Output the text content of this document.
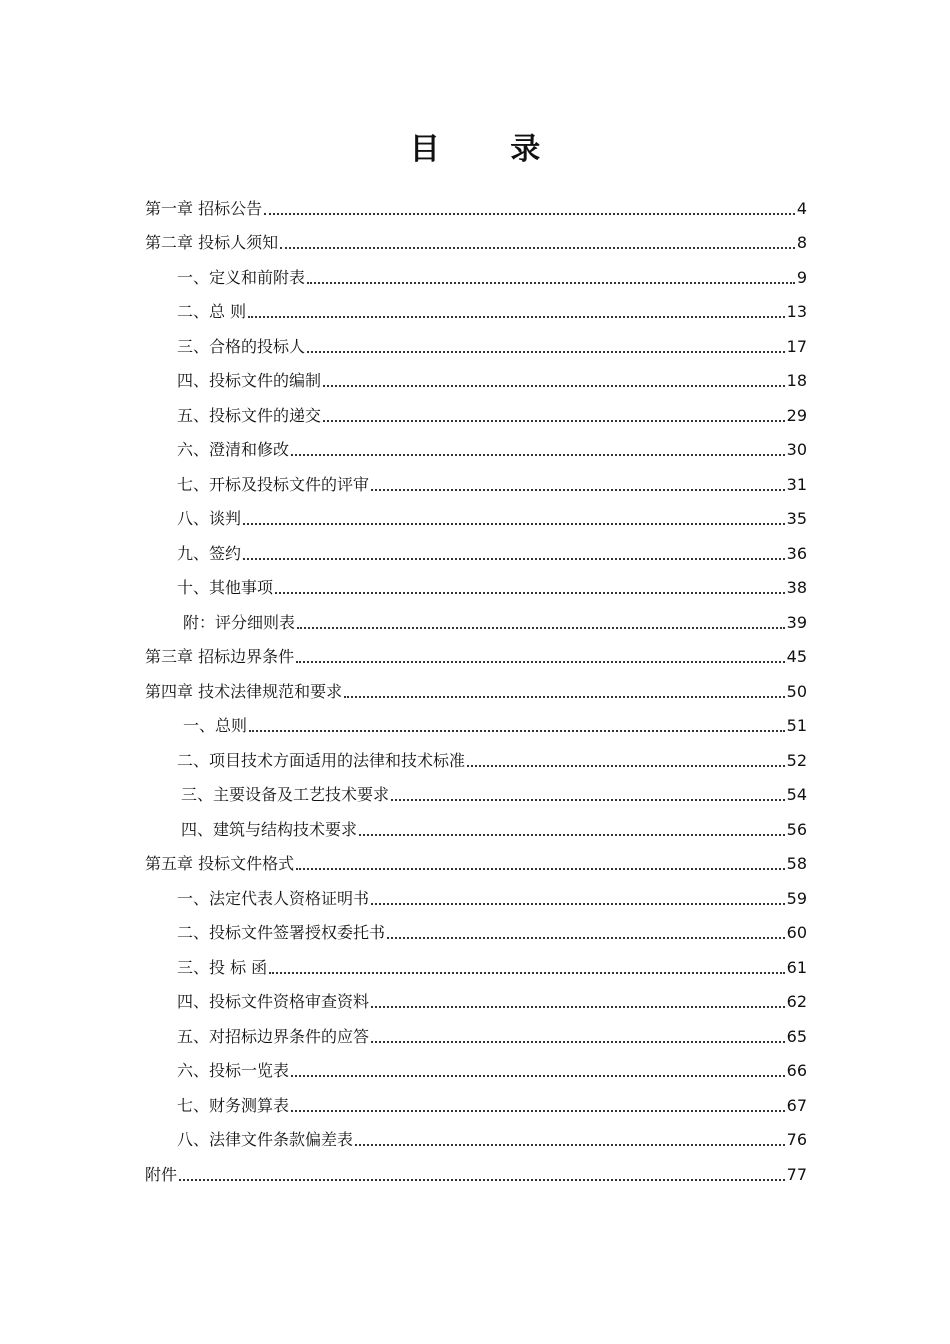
目 录
第一章 招标公告	4
第二章 投标人须知	8
一、定义和前附表	9
二、总 则	13
三、合格的投标人	17
四、投标文件的编制	18
五、投标文件的递交	29
六、澄清和修改	30
七、开标及投标文件的评审	31
八、谈判	35
九、签约	36
十、其他事项	38
附：评分细则表	39
第三章 招标边界条件	45
第四章 技术法律规范和要求	50
一、总则	51
二、项目技术方面适用的法律和技术标准	52
三、主要设备及工艺技术要求	54
四、建筑与结构技术要求	56
第五章 投标文件格式	58
一、法定代表人资格证明书	59
二、投标文件签署授权委托书	60
三、投 标 函	61
四、投标文件资格审查资料	62
五、对招标边界条件的应答	65
六、投标一览表	66
七、财务测算表	67
八、法律文件条款偏差表	76
附件	77
